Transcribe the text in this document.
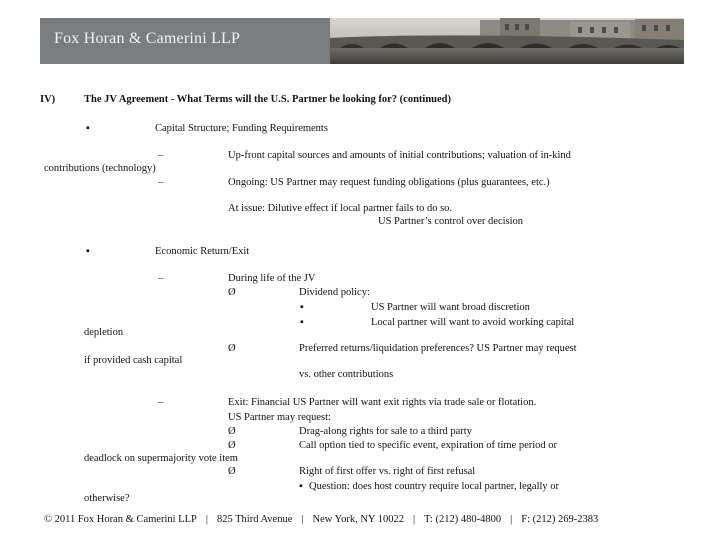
Fox Horan & Camerini LLP
IV)	The JV Agreement - What Terms will the U.S. Partner be looking for? (continued)
▪	Capital Structure; Funding Requirements
–	Up-front capital sources and amounts of initial contributions; valuation of in-kind
contributions (technology)
–	Ongoing: US Partner may request funding obligations (plus guarantees, etc.)
At issue: Dilutive effect if local partner fails to do so.
US Partner’s control over decision
▪	Economic Return/Exit
–	During life of the JV
Ø	Dividend policy:
▪	US Partner will want broad discretion
▪	Local partner will want to avoid working capital
depletion
Ø	Preferred returns/liquidation preferences? US Partner may request
if provided cash capital
vs. other contributions
–	Exit: Financial US Partner will want exit rights via trade sale or flotation.
US Partner may request:
Ø	Drag-along rights for sale to a third party
Ø	Call option tied to specific event, expiration of time period or
deadlock on supermajority vote item
Ø	Right of first offer vs. right of first refusal
▪ Question: does host country require local partner, legally or
otherwise?
© 2011 Fox Horan & Camerini LLP | 825 Third Avenue | New York, NY 10022 | T: (212) 480-4800 | F: (212) 269-2383
